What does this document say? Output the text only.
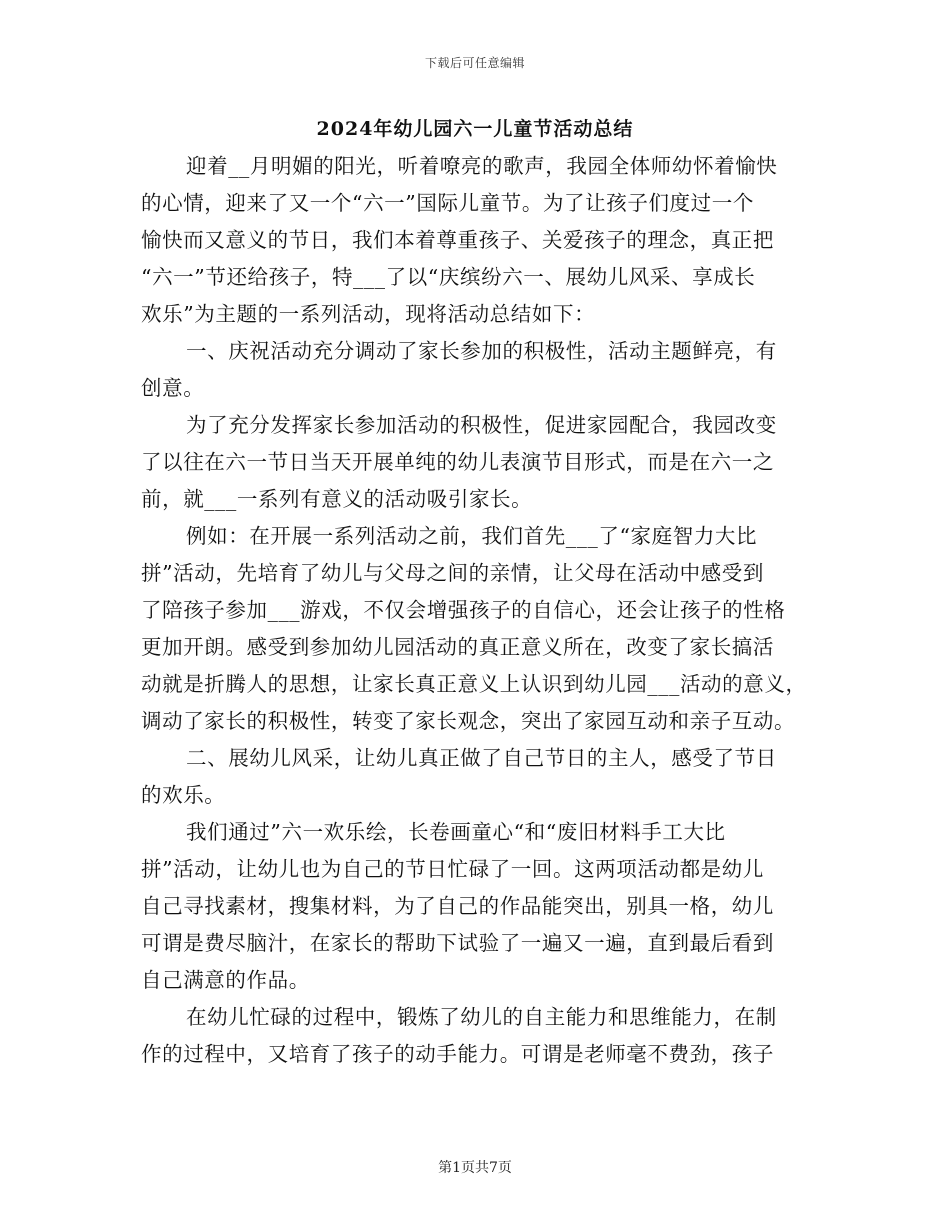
下载后可任意编辑
2024年幼儿园六一儿童节活动总结
迎着__月明媚的阳光，听着嘹亮的歌声，我园全体师幼怀着愉快
的心情，迎来了又一个“六一”国际儿童节。为了让孩子们度过一个
愉快而又意义的节日，我们本着尊重孩子、关爱孩子的理念，真正把
“六一”节还给孩子，特___了以“庆缤纷六一、展幼儿风采、享成长
欢乐”为主题的一系列活动，现将活动总结如下：
一、庆祝活动充分调动了家长参加的积极性，活动主题鲜亮，有
创意。
为了充分发挥家长参加活动的积极性，促进家园配合，我园改变
了以往在六一节日当天开展单纯的幼儿表演节目形式，而是在六一之
前，就___一系列有意义的活动吸引家长。
例如：在开展一系列活动之前，我们首先___了“家庭智力大比
拼”活动，先培育了幼儿与父母之间的亲情，让父母在活动中感受到
了陪孩子参加___游戏，不仅会增强孩子的自信心，还会让孩子的性格
更加开朗。感受到参加幼儿园活动的真正意义所在，改变了家长搞活
动就是折腾人的思想，让家长真正意义上认识到幼儿园___活动的意义，
调动了家长的积极性，转变了家长观念，突出了家园互动和亲子互动。
二、展幼儿风采，让幼儿真正做了自己节日的主人，感受了节日
的欢乐。
我们通过”六一欢乐绘，长卷画童心“和“废旧材料手工大比
拼”活动，让幼儿也为自己的节日忙碌了一回。这两项活动都是幼儿
自己寻找素材，搜集材料，为了自己的作品能突出，别具一格，幼儿
可谓是费尽脑汁，在家长的帮助下试验了一遍又一遍，直到最后看到
自己满意的作品。
在幼儿忙碌的过程中，锻炼了幼儿的自主能力和思维能力，在制
作的过程中，又培育了孩子的动手能力。可谓是老师毫不费劲，孩子
第1页共7页
